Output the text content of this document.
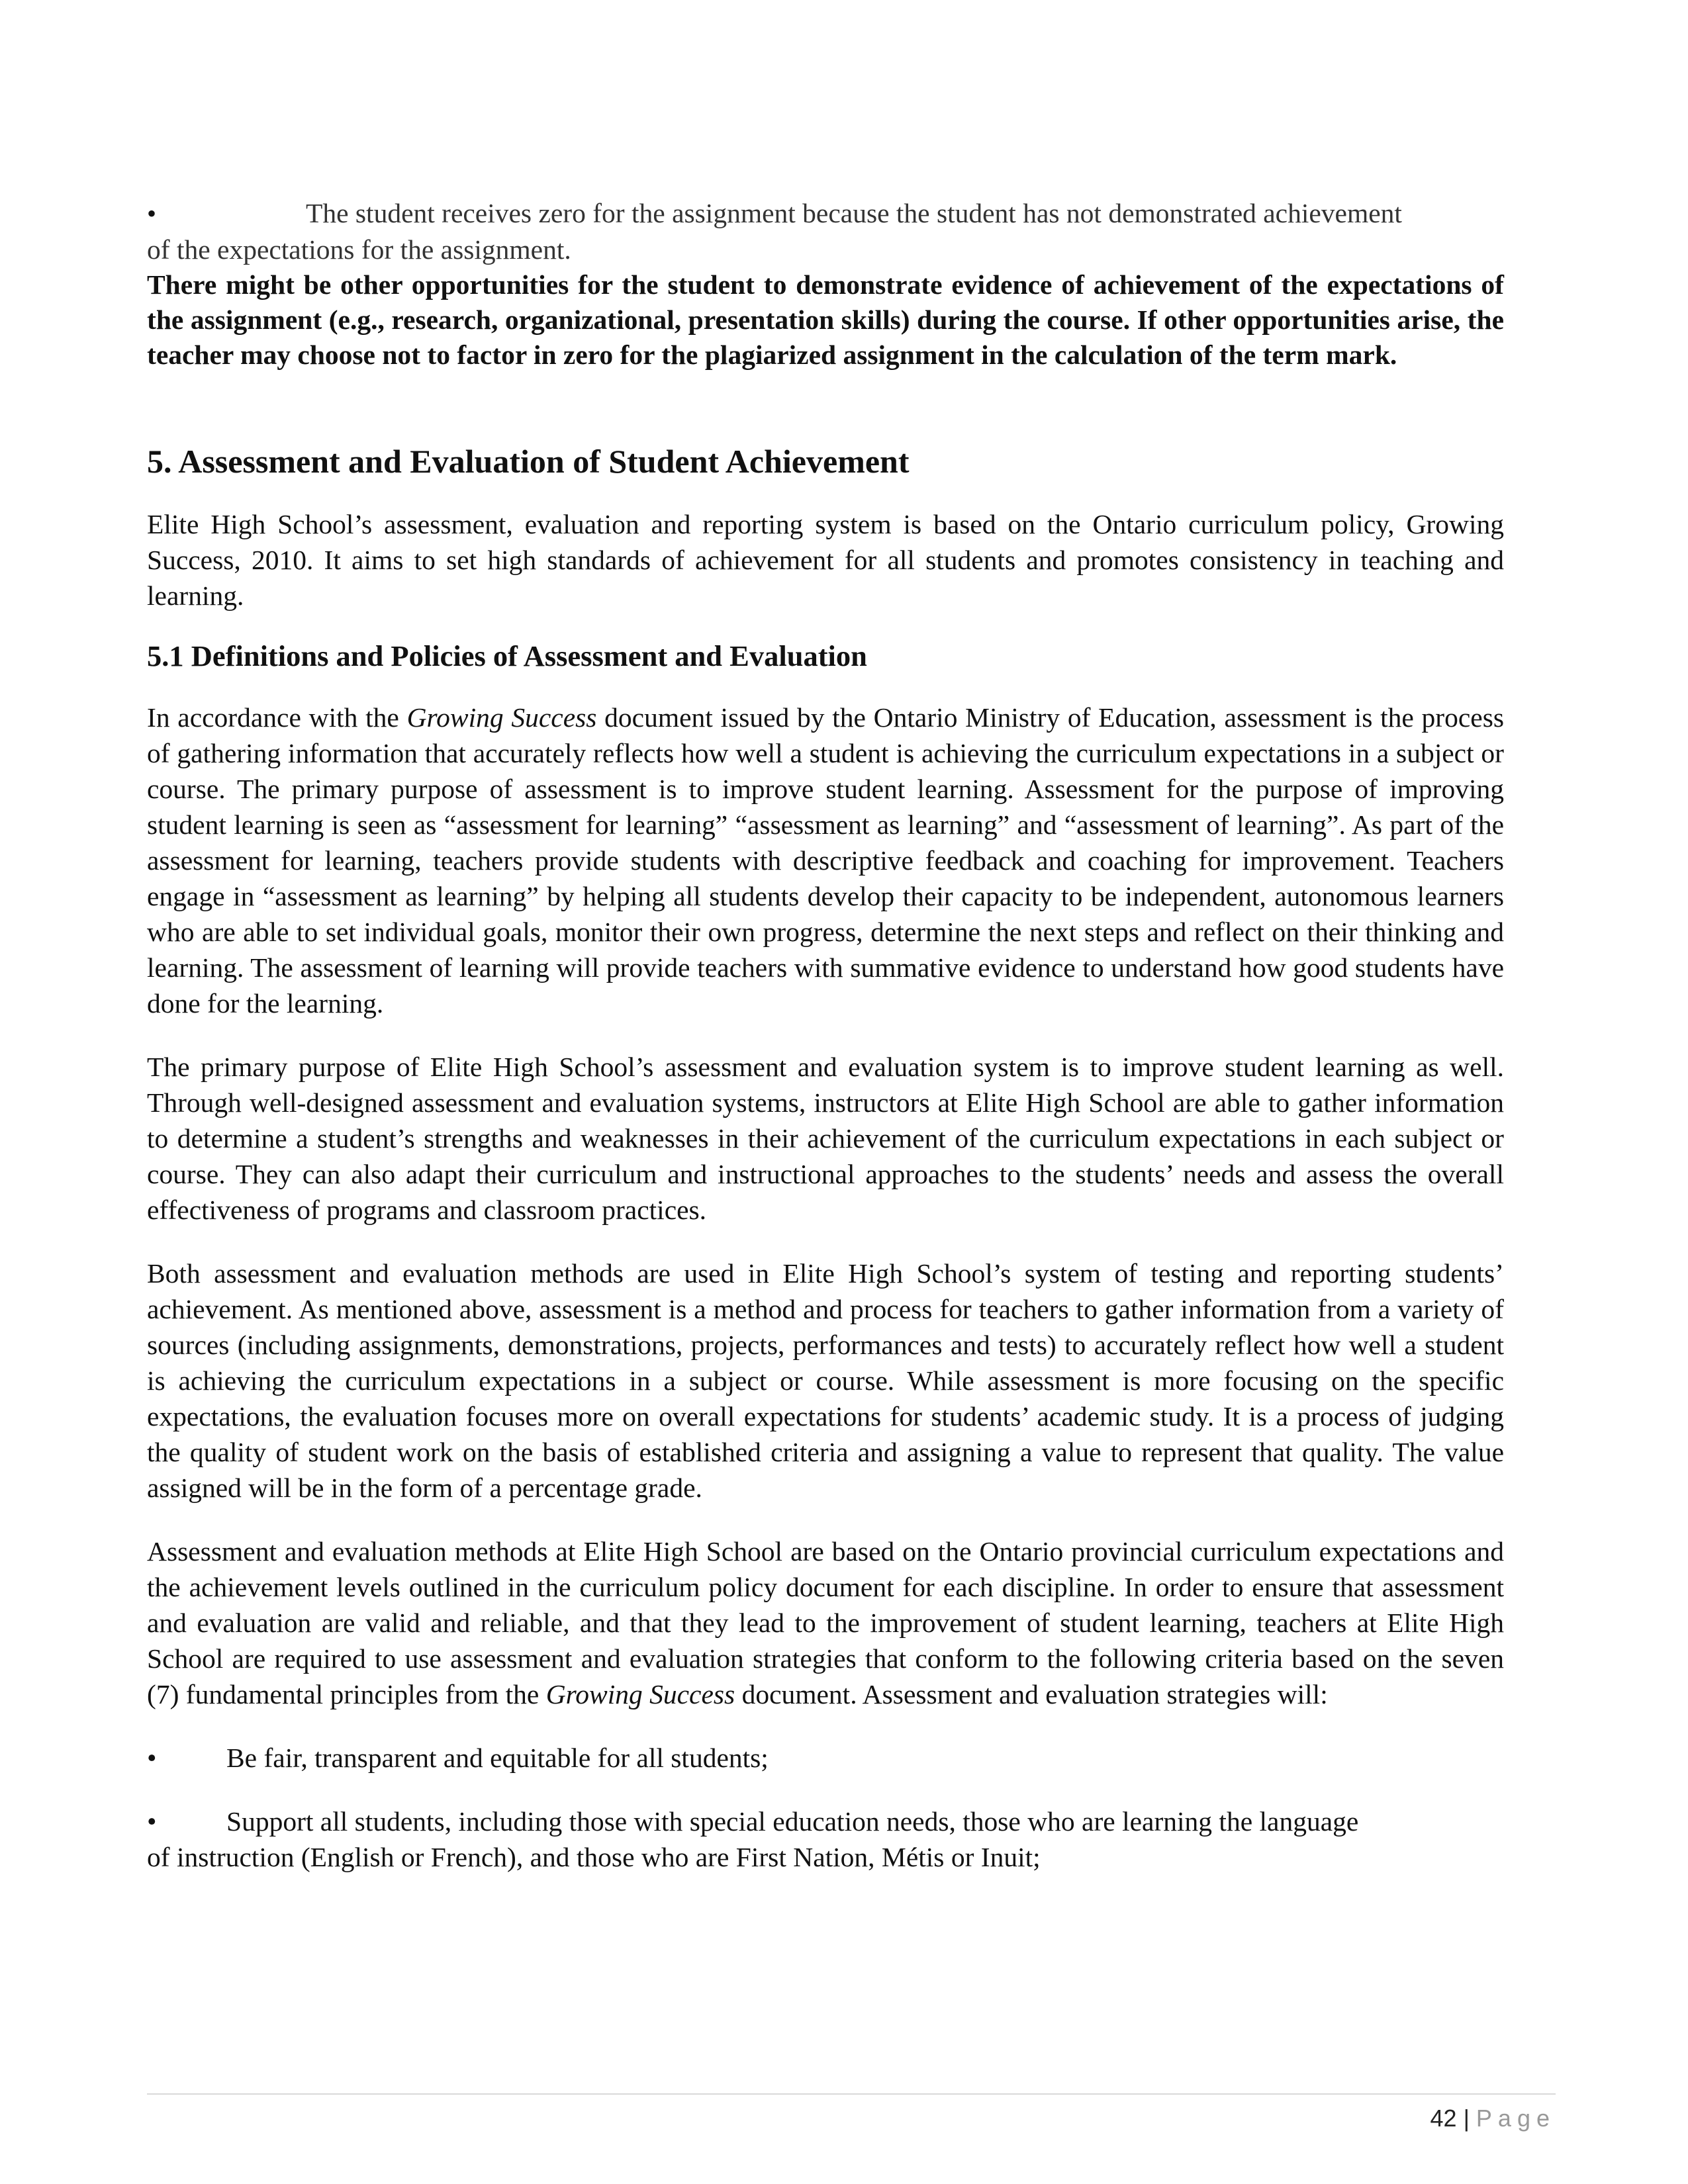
•	The student receives zero for the assignment because the student has not demonstrated achievement
of the expectations for the assignment.

There might be other opportunities for the student to demonstrate evidence of achievement of the expectations of the assignment (e.g., research, organizational, presentation skills) during the course. If other opportunities arise, the teacher may choose not to factor in zero for the plagiarized assignment in the calculation of the term mark.

5. Assessment and Evaluation of Student Achievement

Elite High School’s assessment, evaluation and reporting system is based on the Ontario curriculum policy, Growing Success, 2010. It aims to set high standards of achievement for all students and promotes consistency in teaching and learning.

5.1 Definitions and Policies of Assessment and Evaluation

In accordance with the Growing Success document issued by the Ontario Ministry of Education, assessment is the process of gathering information that accurately reflects how well a student is achieving the curriculum expectations in a subject or course. The primary purpose of assessment is to improve student learning. Assessment for the purpose of improving student learning is seen as “assessment for learning” “assessment as learning” and “assessment of learning”. As part of the assessment for learning, teachers provide students with descriptive feedback and coaching for improvement. Teachers engage in “assessment as learning” by helping all students develop their capacity to be independent, autonomous learners who are able to set individual goals, monitor their own progress, determine the next steps and reflect on their thinking and learning. The assessment of learning will provide teachers with summative evidence to understand how good students have done for the learning.

The primary purpose of Elite High School’s assessment and evaluation system is to improve student learning as well. Through well-designed assessment and evaluation systems, instructors at Elite High School are able to gather information to determine a student’s strengths and weaknesses in their achievement of the curriculum expectations in each subject or course. They can also adapt their curriculum and instructional approaches to the students’ needs and assess the overall effectiveness of programs and classroom practices.

Both assessment and evaluation methods are used in Elite High School’s system of testing and reporting students’ achievement. As mentioned above, assessment is a method and process for teachers to gather information from a variety of sources (including assignments, demonstrations, projects, performances and tests) to accurately reflect how well a student is achieving the curriculum expectations in a subject or course. While assessment is more focusing on the specific expectations, the evaluation focuses more on overall expectations for students’ academic study. It is a process of judging the quality of student work on the basis of established criteria and assigning a value to represent that quality. The value assigned will be in the form of a percentage grade.

Assessment and evaluation methods at Elite High School are based on the Ontario provincial curriculum expectations and the achievement levels outlined in the curriculum policy document for each discipline. In order to ensure that assessment and evaluation are valid and reliable, and that they lead to the improvement of student learning, teachers at Elite High School are required to use assessment and evaluation strategies that conform to the following criteria based on the seven (7) fundamental principles from the Growing Success document. Assessment and evaluation strategies will:

•	Be fair, transparent and equitable for all students;

•	Support all students, including those with special education needs, those who are learning the language
of instruction (English or French), and those who are First Nation, Métis or Inuit;

42 | Page
